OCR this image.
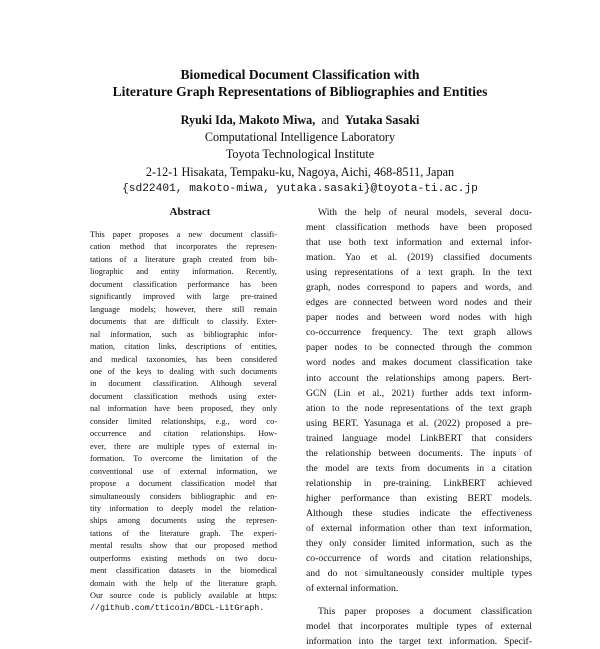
Biomedical Document Classification with
Literature Graph Representations of Bibliographies and Entities
Ryuki Ida, Makoto Miwa, and Yutaka Sasaki
Computational Intelligence Laboratory
Toyota Technological Institute
2-12-1 Hisakata, Tempaku-ku, Nagoya, Aichi, 468-8511, Japan
{sd22401, makoto-miwa, yutaka.sasaki}@toyota-ti.ac.jp
Abstract
This paper proposes a new document classifi-
cation method that incorporates the represen-
tations of a literature graph created from bib-
liographic and entity information. Recently,
document classification performance has been
significantly improved with large pre-trained
language models; however, there still remain
documents that are difficult to classify. Exter-
nal information, such as bibliographic infor-
mation, citation links, descriptions of entities,
and medical taxonomies, has been considered
one of the keys to dealing with such documents
in document classification. Although several
document classification methods using exter-
nal information have been proposed, they only
consider limited relationships, e.g., word co-
occurrence and citation relationships. How-
ever, there are multiple types of external in-
formation. To overcome the limitation of the
conventional use of external information, we
propose a document classification model that
simultaneously considers bibliographic and en-
tity information to deeply model the relation-
ships among documents using the represen-
tations of the literature graph. The experi-
mental results show that our proposed method
outperforms existing methods on two docu-
ment classification datasets in the biomedical
domain with the help of the literature graph.
Our source code is publicly available at https:
//github.com/tticoin/BDCL-LitGraph.
With the help of neural models, several docu-
ment classification methods have been proposed
that use both text information and external infor-
mation. Yao et al. (2019) classified documents
using representations of a text graph. In the text
graph, nodes correspond to papers and words, and
edges are connected between word nodes and their
paper nodes and between word nodes with high
co-occurrence frequency. The text graph allows
paper nodes to be connected through the common
word nodes and makes document classification take
into account the relationships among papers. Bert-
GCN (Lin et al., 2021) further adds text inform-
ation to the node representations of the text graph
using BERT. Yasunaga et al. (2022) proposed a pre-
trained language model LinkBERT that considers
the relationship between documents. The inputs of
the model are texts from documents in a citation
relationship in pre-training. LinkBERT achieved
higher performance than existing BERT models.
Although these studies indicate the effectiveness
of external information other than text information,
they only consider limited information, such as the
co-occurrence of words and citation relationships,
and do not simultaneously consider multiple types
of external information.
This paper proposes a document classification
model that incorporates multiple types of external
information into the target text information. Specif-
